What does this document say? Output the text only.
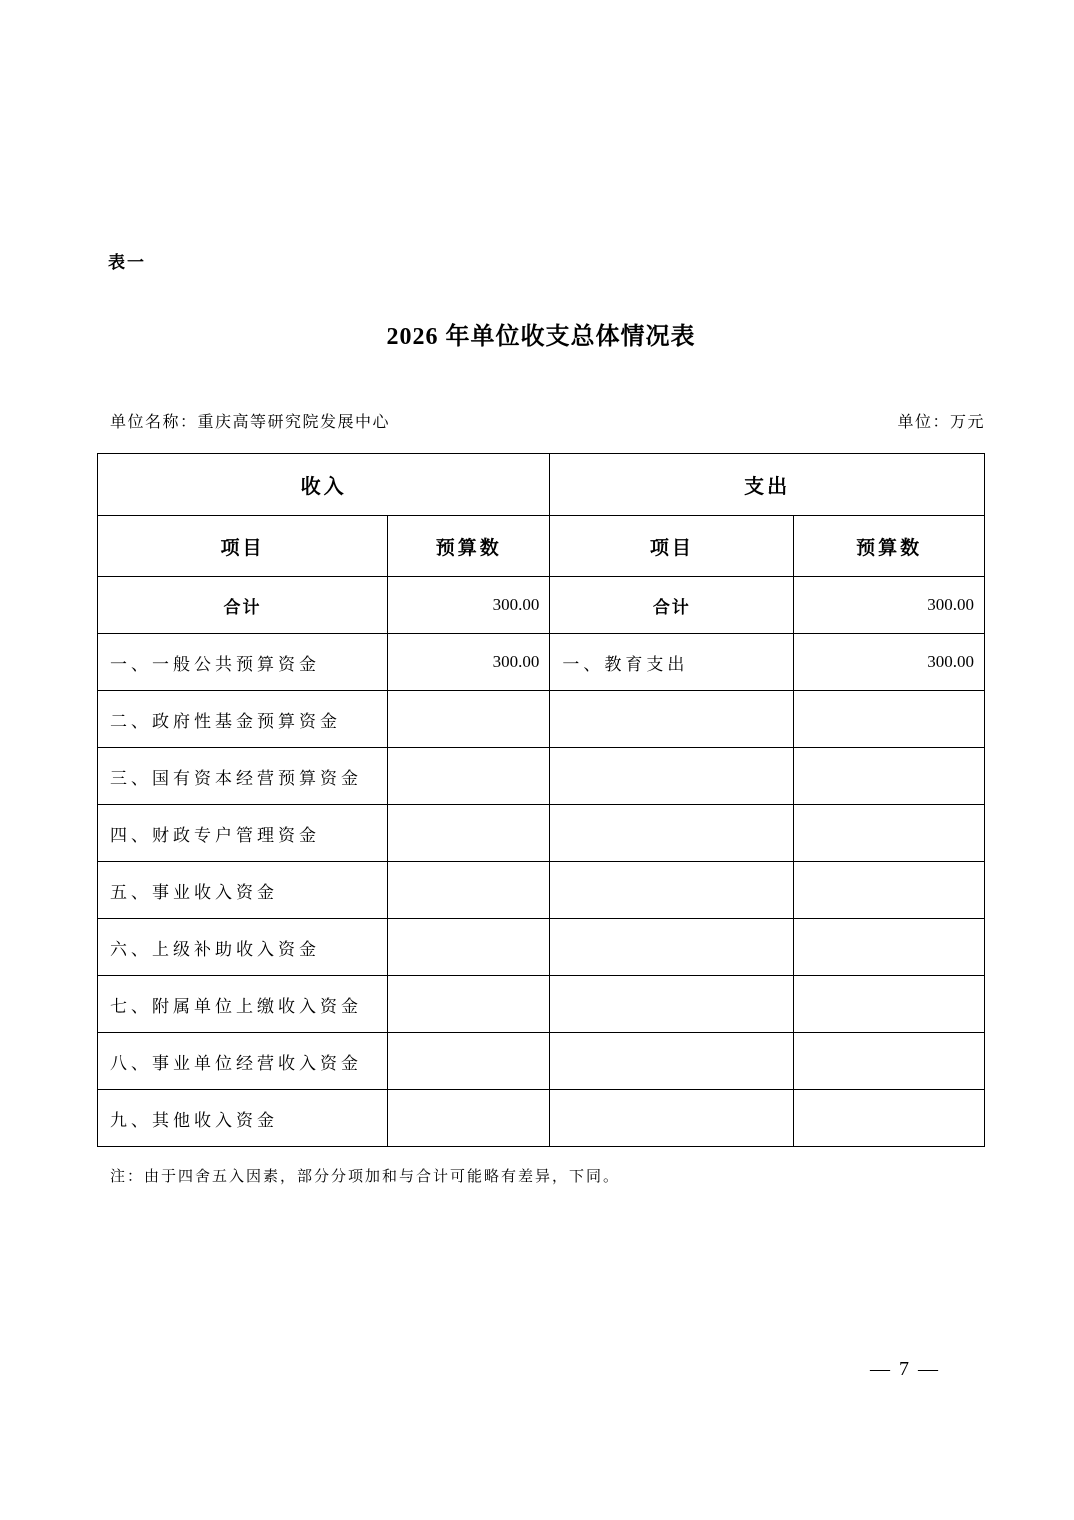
表一
2026 年单位收支总体情况表
单位名称：重庆高等研究院发展中心	单位：万元
收入		支出	
项目	预算数	项目	预算数
合计	300.00	合计	300.00
一、一般公共预算资金	300.00	一、教育支出	300.00
二、政府性基金预算资金			
三、国有资本经营预算资金			
四、财政专户管理资金			
五、事业收入资金			
六、上级补助收入资金			
七、附属单位上缴收入资金			
八、事业单位经营收入资金			
九、其他收入资金			
注：由于四舍五入因素，部分分项加和与合计可能略有差异，下同。
— 7 —
